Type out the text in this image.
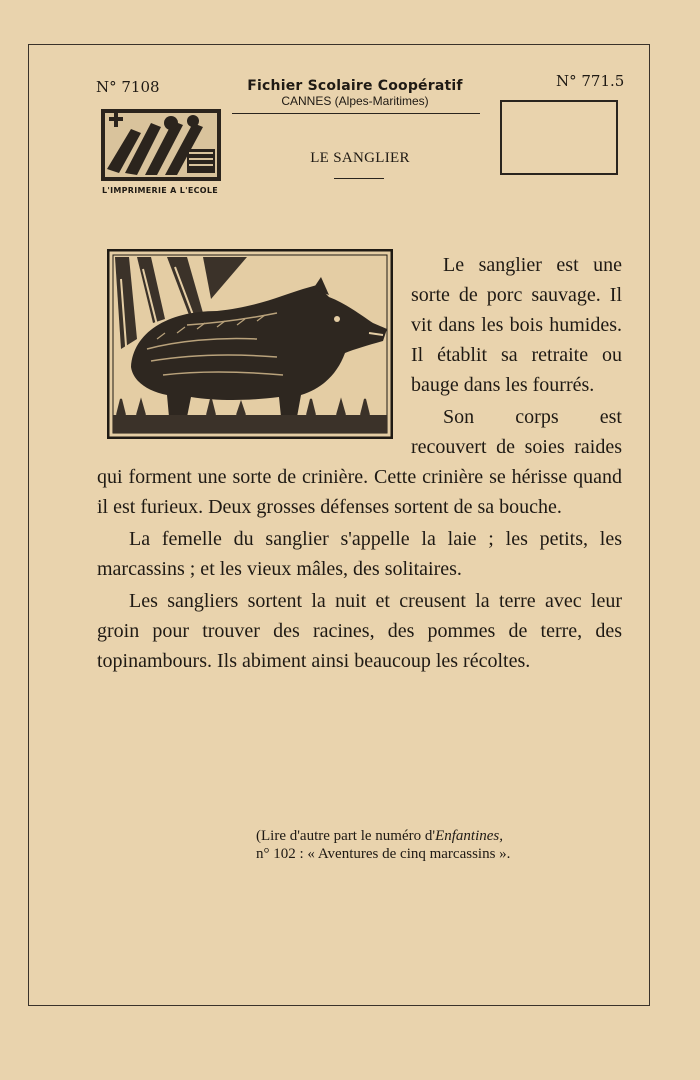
N° 7108	N° 771.5
Fichier Scolaire Coopératif
CANNES (Alpes-Maritimes)
L'IMPRIMERIE A L'ECOLE
LE SANGLIER

Le sanglier est une sorte de porc sauvage. Il vit dans les bois humides. Il établit sa retraite ou bauge dans les fourrés.

Son corps est recouvert de soies raides qui forment une sorte de crinière. Cette crinière se hérisse quand il est furieux. Deux grosses défenses sortent de sa bouche.

La femelle du sanglier s'appelle la laie ; les petits, les marcassins ; et les vieux mâles, des solitaires.

Les sangliers sortent la nuit et creusent la terre avec leur groin pour trouver des racines, des pommes de terre, des topinambours. Ils abiment ainsi beaucoup les récoltes.

(Lire d'autre part le numéro d'Enfantines,
n° 102 : « Aventures de cinq marcassins ».
